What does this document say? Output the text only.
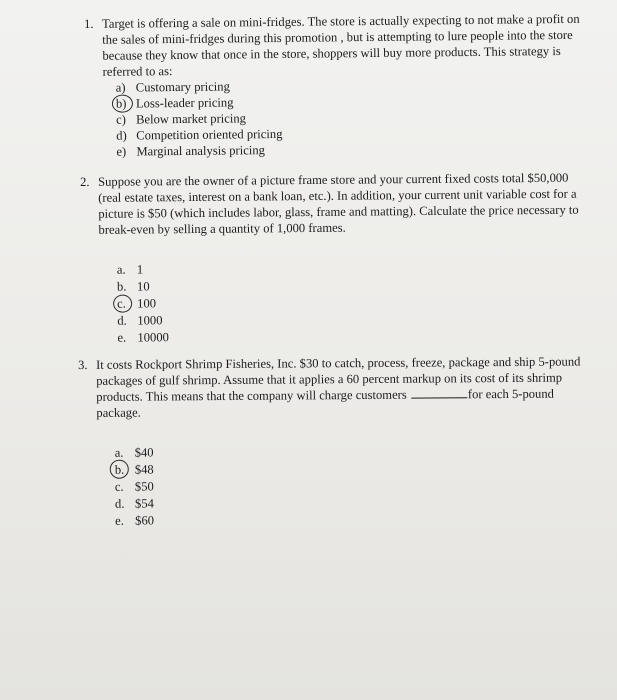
1. Target is offering a sale on mini-fridges. The store is actually expecting to not make a profit on the sales of mini-fridges during this promotion , but is attempting to lure people into the store because they know that once in the store, shoppers will buy more products. This strategy is referred to as:
a) Customary pricing
b) Loss-leader pricing
c) Below market pricing
d) Competition oriented pricing
e) Marginal analysis pricing
2. Suppose you are the owner of a picture frame store and your current fixed costs total $50,000 (real estate taxes, interest on a bank loan, etc.). In addition, your current unit variable cost for a picture is $50 (which includes labor, glass, frame and matting). Calculate the price necessary to break-even by selling a quantity of 1,000 frames.
a. 1
b. 10
c. 100
d. 1000
e. 10000
3. It costs Rockport Shrimp Fisheries, Inc. $30 to catch, process, freeze, package and ship 5-pound packages of gulf shrimp. Assume that it applies a 60 percent markup on its cost of its shrimp products. This means that the company will charge customers	for each 5-pound package.
a. $40
b. $48
c. $50
d. $54
e. $60
